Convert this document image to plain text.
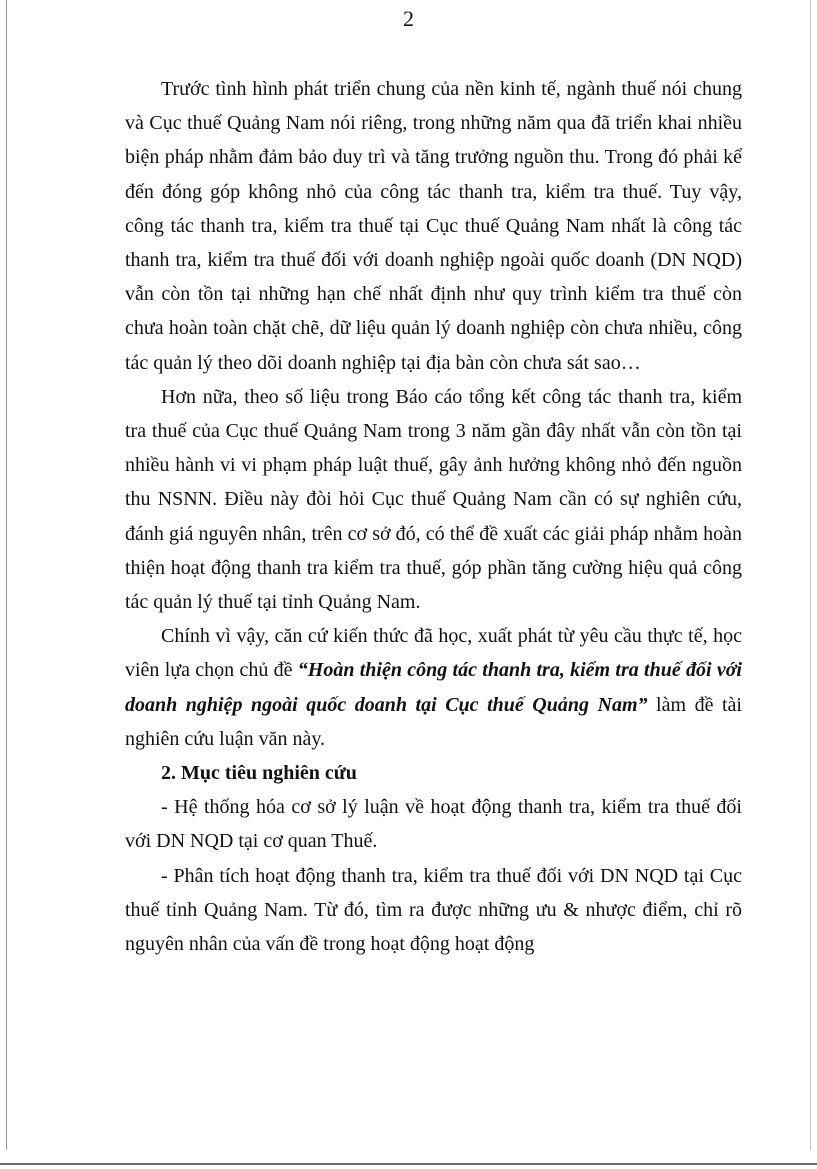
2

Trước tình hình phát triển chung của nền kinh tế, ngành thuế nói chung và Cục thuế Quảng Nam nói riêng, trong những năm qua đã triển khai nhiều biện pháp nhằm đảm bảo duy trì và tăng trưởng nguồn thu. Trong đó phải kể đến đóng góp không nhỏ của công tác thanh tra, kiểm tra thuế. Tuy vậy, công tác thanh tra, kiểm tra thuế tại Cục thuế Quảng Nam nhất là công tác thanh tra, kiểm tra thuế đối với doanh nghiệp ngoài quốc doanh (DN NQD) vẫn còn tồn tại những hạn chế nhất định như quy trình kiểm tra thuế còn chưa hoàn toàn chặt chẽ, dữ liệu quản lý doanh nghiệp còn chưa nhiều, công tác quản lý theo dõi doanh nghiệp tại địa bàn còn chưa sát sao…

Hơn nữa, theo số liệu trong Báo cáo tổng kết công tác thanh tra, kiểm tra thuế của Cục thuế Quảng Nam trong 3 năm gần đây nhất vẫn còn tồn tại nhiều hành vi vi phạm pháp luật thuế, gây ảnh hưởng không nhỏ đến nguồn thu NSNN. Điều này đòi hỏi Cục thuế Quảng Nam cần có sự nghiên cứu, đánh giá nguyên nhân, trên cơ sở đó, có thể đề xuất các giải pháp nhằm hoàn thiện hoạt động thanh tra kiểm tra thuế, góp phần tăng cường hiệu quả công tác quản lý thuế tại tỉnh Quảng Nam.

Chính vì vậy, căn cứ kiến thức đã học, xuất phát từ yêu cầu thực tế, học viên lựa chọn chủ đề “Hoàn thiện công tác thanh tra, kiểm tra thuế đối với doanh nghiệp ngoài quốc doanh tại Cục thuế Quảng Nam” làm đề tài nghiên cứu luận văn này.

2. Mục tiêu nghiên cứu

- Hệ thống hóa cơ sở lý luận về hoạt động thanh tra, kiểm tra thuế đối với DN NQD tại cơ quan Thuế.

- Phân tích hoạt động thanh tra, kiểm tra thuế đối với DN NQD tại Cục thuế tỉnh Quảng Nam. Từ đó, tìm ra được những ưu & nhược điểm, chỉ rõ nguyên nhân của vấn đề trong hoạt động hoạt động
